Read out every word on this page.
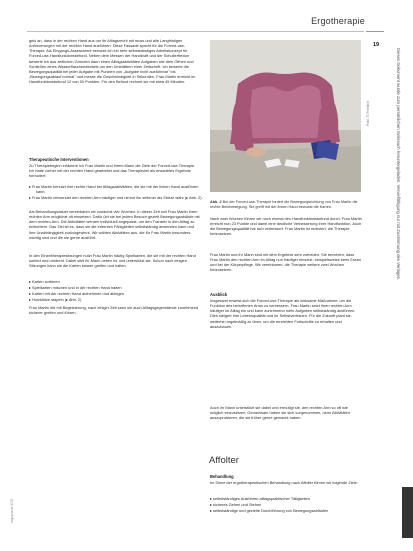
Ergotherapie
19
Dieses Dokument wurde zum persönlichen Gebrauch heruntergeladen. Vervielfältigung nur mit Zustimmung des Verlages.
ergopraxis 5/15

gels an, dass in der rechten Hand aus um ihr Alltagsrecht mit muss und alle Langfristigen Anforderungen mit der rechten Hand ausführen. Diese Fassade spricht für die Forced-use-Therapie. Als Eingangs-Assessment benutze ich ein sehr selbstständiges Arbeitskonzept für Forced-use-Handfunktionsbefund. Neben dem Messen der Handkraft und der Schulterflexion bewerte ich aus zeitlichen Gründen dann einen Alltagsaktivitäten Aufgaben wie dem Öffnen und Schließen eines Wasserflaschendeckels um den Umblättern einer Zeitschrift. Ich bewerte die Bewegungsqualität bei jeder Aufgabe mit Punkten von „Aufgabe nicht ausführbar" bis „Bewegungsablauf normal" und messe die Geschwindigkeit in Sekunden. Frau Martin erreicht im Handfunktionsbefund 12 von 50 Punkten. Für den Befund rechnet sie mit etwa 45 Minuten.

Therapeutische Interventionen

Zu Therapiebeginn erläutere ich Frau Martin und ihrem Mann die Ziele der Forced-use-Therapie. Ich hatte vorher mit der rechten Hand gearbeitet und das Therapieziel als erwartetes Ergebnis formuliert:

▸ Frau Martin benutzt ihre rechte Hand bei Alltagsaktivitäten, die sie mit der linken Hand ausführen kann.

▸ Frau Martin verwendet den rechten Arm häufiger und nimmt ihn seltener als Stütze wahr (▸ Abb. 2).

Als Behandlungsdauer vereinbaren wir zunächst vier Wochen. In dieser Zeit soll Frau Martin ihren rechten Arm möglichst oft einsetzen. Dafür übt sie bei jedem Besuch gezielt Bewegungsabläufe mit dem rechten Arm. Die Aktivitäten werden individuell angepasst, um den Transfer in den Alltag zu erleichtern. Das Ziel ist es, dass sie die erlernten Fähigkeiten selbstständig anwenden kann und ihre Unabhängigkeit zurückgewinnt. Wir wählen Aktivitäten aus, die für Frau Martin besonders wichtig sind und die sie gerne ausführt.

In den Einzeltherapiesitzungen nutzt Frau Martin häufig Spielkarten, die sie mit der rechten Hand sortiert und umdreht. Dabei sitzt ihr Mann neben ihr und unterstützt sie. Schon nach einigen Sitzungen kann sie die Karten besser greifen und halten.

▸ Karten sortieren

▸ Spielkarten mischen und in der rechten Hand halten

▸ Karten mit der rechten Hand aufnehmen und ablegen

▸ Holzklötze stapeln (▸ Abb. 2)

Frau Martin übt mit Begeisterung; nach einiger Zeit kann sie auch Alltagsgegenstände zunehmend sicherer greifen und führen.

Foto: © Fröhlich

Abb. 2 Bei der Forced-use-Therapie fordert die Bewegungsrichtung von Frau Martin die rechte Beinbewegung. Sie greift mit der linken Hand bewusst die Karten.

Nach zwei Wochen führen wir noch einmal den Handfunktionsbefund durch. Frau Martin erreicht nun 23 Punkte und damit eine deutliche Verbesserung ihrer Handfunktion. Auch die Bewegungsqualität hat sich verbessert. Frau Martin ist motiviert, die Therapie fortzusetzen.

Frau Martin und ihr Mann sind mit dem Ergebnis sehr zufrieden. Sie berichten, dass Frau Martin den rechten Arm im Alltag nun häufiger einsetzt, beispielsweise beim Essen und bei der Körperpflege. Wir vereinbaren, die Therapie weitere zwei Wochen fortzusetzen.

Ausblick

Insgesamt erweist sich die Forced-use-Therapie als wirksame Maßnahme, um die Funktion des betroffenen Arms zu verbessern. Frau Martin setzt ihren rechten Arm häufiger im Alltag ein und kann zunehmend mehr Aufgaben selbstständig ausführen. Dies steigert ihre Lebensqualität und ihr Selbstvertrauen. Für die Zukunft plant sie, weiterhin regelmäßig zu üben, um die erreichten Fortschritte zu erhalten und auszubauen.

Auch ihr Mann unterstützt sie dabei und ermutigt sie, den rechten Arm so oft wie möglich einzusetzen. Gemeinsam haben sie sich vorgenommen, neue Aktivitäten auszuprobieren, die sie früher gerne gemacht haben.

Affolter
Behandlung

Im Sinne der ergotherapeutischen Behandlung nach Affolter führen wir folgende Ziele:

▸ selbstständiges Ausführen alltagspraktischer Tätigkeiten

▸ sicheres Gehen und Stehen

▸ selbstständige und gezielte Durchführung von Bewegungsabläufen
